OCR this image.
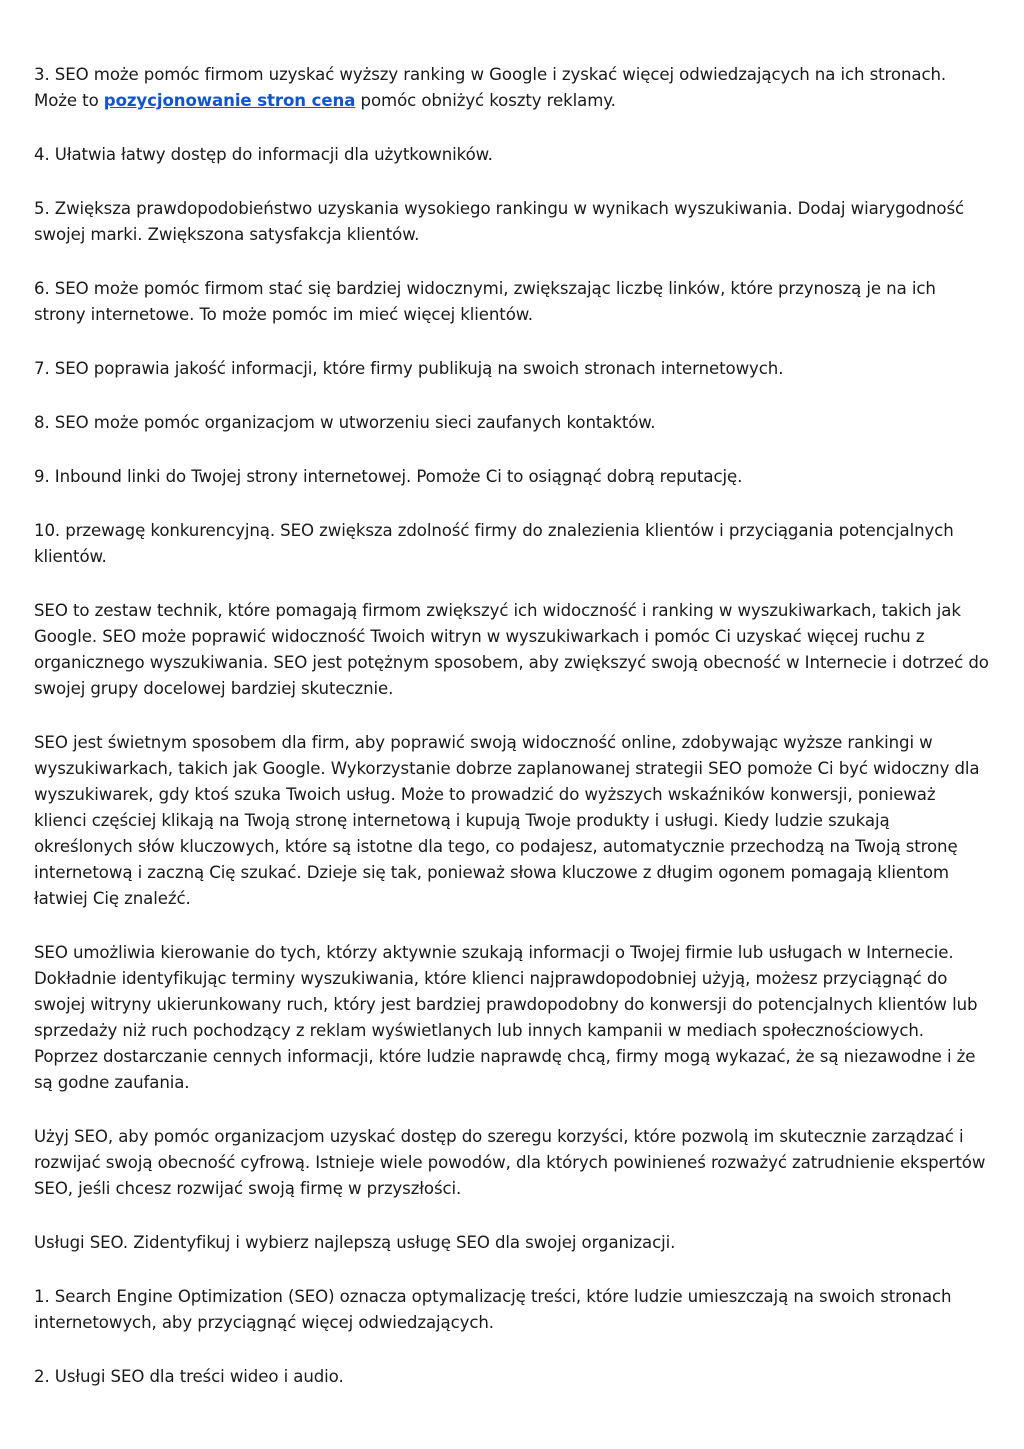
3. SEO może pomóc firmom uzyskać wyższy ranking w Google i zyskać więcej odwiedzających na ich stronach. Może to pozycjonowanie stron cena pomóc obniżyć koszty reklamy.

4. Ułatwia łatwy dostęp do informacji dla użytkowników.

5. Zwiększa prawdopodobieństwo uzyskania wysokiego rankingu w wynikach wyszukiwania. Dodaj wiarygodność swojej marki. Zwiększona satysfakcja klientów.

6. SEO może pomóc firmom stać się bardziej widocznymi, zwiększając liczbę linków, które przynoszą je na ich strony internetowe. To może pomóc im mieć więcej klientów.

7. SEO poprawia jakość informacji, które firmy publikują na swoich stronach internetowych.

8. SEO może pomóc organizacjom w utworzeniu sieci zaufanych kontaktów.

9. Inbound linki do Twojej strony internetowej. Pomoże Ci to osiągnąć dobrą reputację.

10. przewagę konkurencyjną. SEO zwiększa zdolność firmy do znalezienia klientów i przyciągania potencjalnych klientów.

SEO to zestaw technik, które pomagają firmom zwiększyć ich widoczność i ranking w wyszukiwarkach, takich jak Google. SEO może poprawić widoczność Twoich witryn w wyszukiwarkach i pomóc Ci uzyskać więcej ruchu z organicznego wyszukiwania. SEO jest potężnym sposobem, aby zwiększyć swoją obecność w Internecie i dotrzeć do swojej grupy docelowej bardziej skutecznie.

SEO jest świetnym sposobem dla firm, aby poprawić swoją widoczność online, zdobywając wyższe rankingi w wyszukiwarkach, takich jak Google. Wykorzystanie dobrze zaplanowanej strategii SEO pomoże Ci być widoczny dla wyszukiwarek, gdy ktoś szuka Twoich usług. Może to prowadzić do wyższych wskaźników konwersji, ponieważ klienci częściej klikają na Twoją stronę internetową i kupują Twoje produkty i usługi. Kiedy ludzie szukają określonych słów kluczowych, które są istotne dla tego, co podajesz, automatycznie przechodzą na Twoją stronę internetową i zaczną Cię szukać. Dzieje się tak, ponieważ słowa kluczowe z długim ogonem pomagają klientom łatwiej Cię znaleźć.

SEO umożliwia kierowanie do tych, którzy aktywnie szukają informacji o Twojej firmie lub usługach w Internecie. Dokładnie identyfikując terminy wyszukiwania, które klienci najprawdopodobniej użyją, możesz przyciągnąć do swojej witryny ukierunkowany ruch, który jest bardziej prawdopodobny do konwersji do potencjalnych klientów lub sprzedaży niż ruch pochodzący z reklam wyświetlanych lub innych kampanii w mediach społecznościowych. Poprzez dostarczanie cennych informacji, które ludzie naprawdę chcą, firmy mogą wykazać, że są niezawodne i że są godne zaufania.

Użyj SEO, aby pomóc organizacjom uzyskać dostęp do szeregu korzyści, które pozwolą im skutecznie zarządzać i rozwijać swoją obecność cyfrową. Istnieje wiele powodów, dla których powinieneś rozważyć zatrudnienie ekspertów SEO, jeśli chcesz rozwijać swoją firmę w przyszłości.

Usługi SEO. Zidentyfikuj i wybierz najlepszą usługę SEO dla swojej organizacji.

1. Search Engine Optimization (SEO) oznacza optymalizację treści, które ludzie umieszczają na swoich stronach internetowych, aby przyciągnąć więcej odwiedzających.

2. Usługi SEO dla treści wideo i audio.
